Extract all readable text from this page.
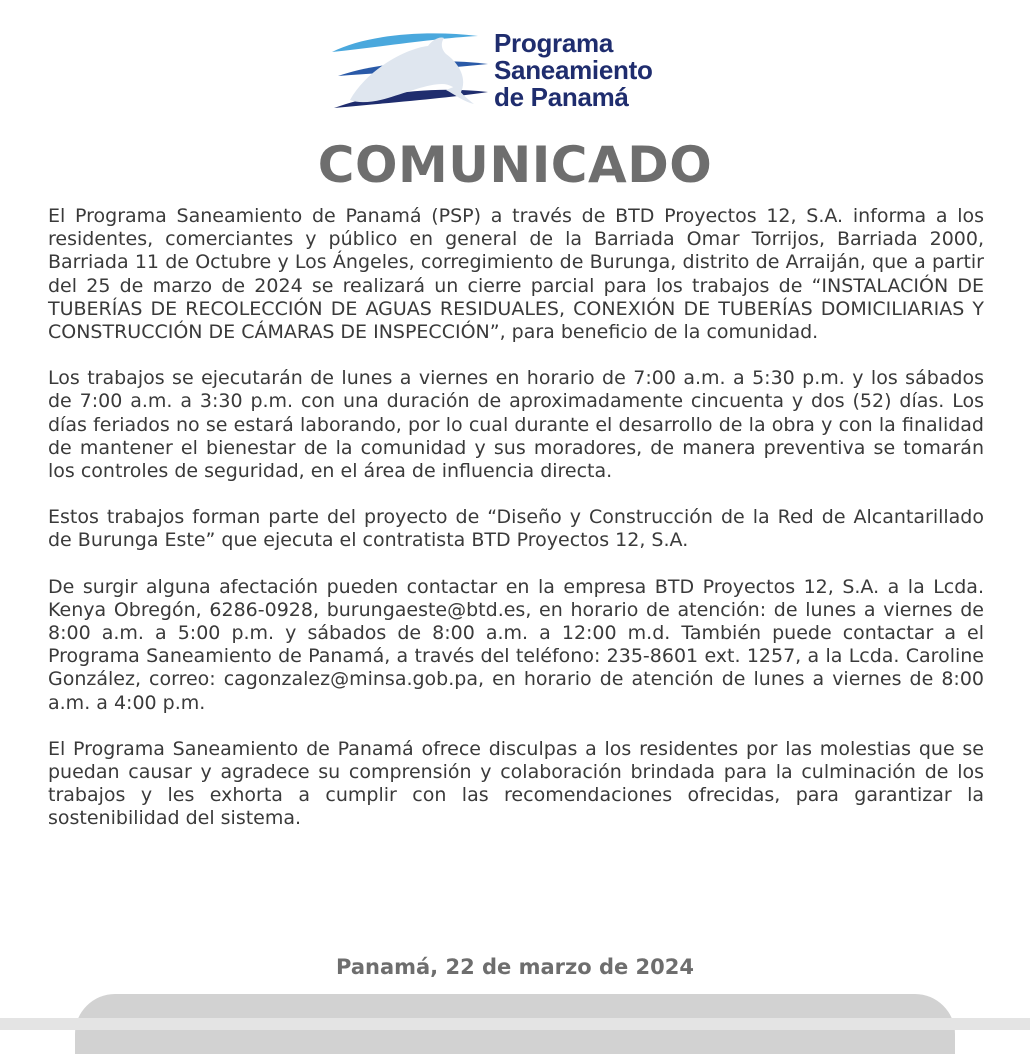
Programa
Saneamiento
de Panamá
COMUNICADO

El Programa Saneamiento de Panamá (PSP) a través de BTD Proyectos 12, S.A. informa a los residentes, comerciantes y público en general de la Barriada Omar Torrijos, Barriada 2000, Barriada 11 de Octubre y Los Ángeles, corregimiento de Burunga, distrito de Arraiján, que a partir del 25 de marzo de 2024 se realizará un cierre parcial para los trabajos de “INSTALACIÓN DE TUBERÍAS DE RECOLECCIÓN DE AGUAS RESIDUALES, CONEXIÓN DE TUBERÍAS DOMICILIARIAS Y CONSTRUCCIÓN DE CÁMARAS DE INSPECCIÓN”, para beneficio de la comunidad.

Los trabajos se ejecutarán de lunes a viernes en horario de 7:00 a.m. a 5:30 p.m. y los sábados de 7:00 a.m. a 3:30 p.m. con una duración de aproximadamente cincuenta y dos (52) días. Los días feriados no se estará laborando, por lo cual durante el desarrollo de la obra y con la finalidad de mantener el bienestar de la comunidad y sus moradores, de manera preventiva se tomarán los controles de seguridad, en el área de influencia directa.

Estos trabajos forman parte del proyecto de “Diseño y Construcción de la Red de Alcantarillado de Burunga Este” que ejecuta el contratista BTD Proyectos 12, S.A.

De surgir alguna afectación pueden contactar en la empresa BTD Proyectos 12, S.A. a la Lcda. Kenya Obregón, 6286-0928, burungaeste@btd.es, en horario de atención: de lunes a viernes de 8:00 a.m. a 5:00 p.m. y sábados de 8:00 a.m. a 12:00 m.d. También puede contactar a el Programa Saneamiento de Panamá, a través del teléfono: 235-8601 ext. 1257, a la Lcda. Caroline González, correo: cagonzalez@minsa.gob.pa, en horario de atención de lunes a viernes de 8:00 a.m. a 4:00 p.m.

El Programa Saneamiento de Panamá ofrece disculpas a los residentes por las molestias que se puedan causar y agradece su comprensión y colaboración brindada para la culminación de los trabajos y les exhorta a cumplir con las recomendaciones ofrecidas, para garantizar la sostenibilidad del sistema.

Panamá, 22 de marzo de 2024
